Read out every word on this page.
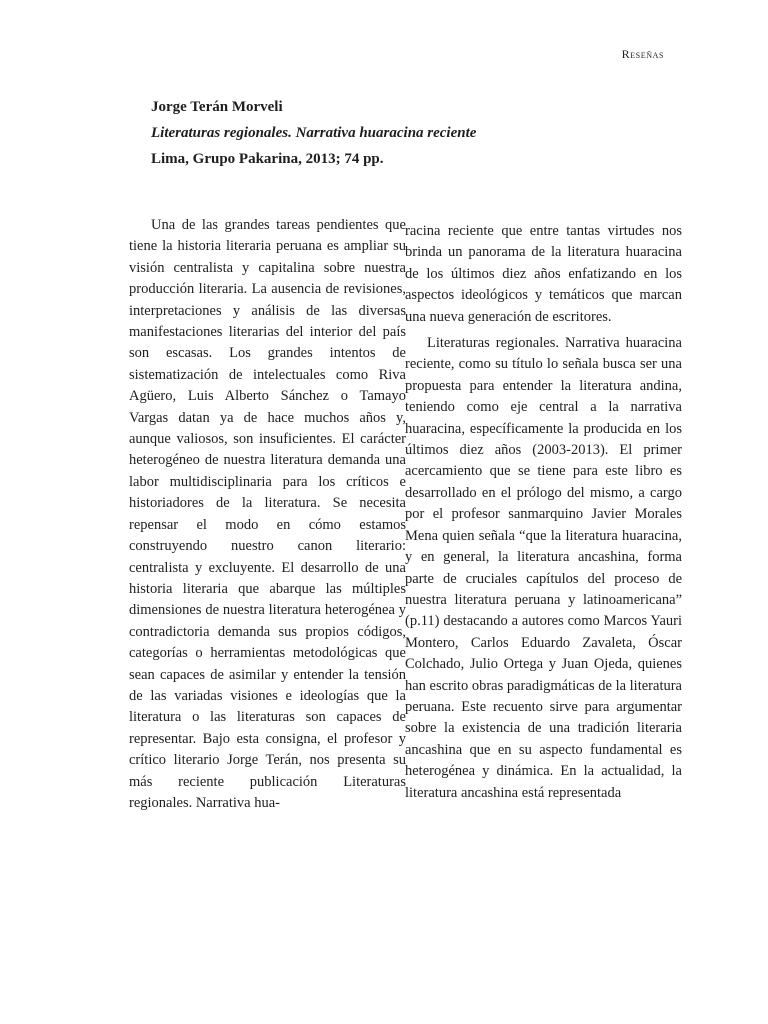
Reseñas
Jorge Terán Morveli
Literaturas regionales. Narrativa huaracina reciente
Lima, Grupo Pakarina, 2013; 74 pp.

Una de las grandes tareas pendientes que tiene la historia literaria peruana es ampliar su visión centralista y capitalina sobre nuestra producción literaria. La ausencia de revisiones, interpretaciones y análisis de las diversas manifestaciones literarias del interior del país son escasas. Los grandes intentos de sistematización de intelectuales como Riva Agüero, Luis Alberto Sánchez o Tamayo Vargas datan ya de hace muchos años y, aunque valiosos, son insuficientes. El carácter heterogéneo de nuestra literatura demanda una labor multidisciplinaria para los críticos e historiadores de la literatura. Se necesita repensar el modo en cómo estamos construyendo nuestro canon literario: centralista y excluyente. El desarrollo de una historia literaria que abarque las múltiples dimensiones de nuestra literatura heterogénea y contradictoria demanda sus propios códigos, categorías o herramientas metodológicas que sean capaces de asimilar y entender la tensión de las variadas visiones e ideologías que la literatura o las literaturas son capaces de representar. Bajo esta consigna, el profesor y crítico literario Jorge Terán, nos presenta su más reciente publicación Literaturas regionales. Narrativa hua-

racina reciente que entre tantas virtudes nos brinda un panorama de la literatura huaracina de los últimos diez años enfatizando en los aspectos ideológicos y temáticos que marcan una nueva generación de escritores.

Literaturas regionales. Narrativa huaracina reciente, como su título lo señala busca ser una propuesta para entender la literatura andina, teniendo como eje central a la narrativa huaracina, específicamente la producida en los últimos diez años (2003-2013). El primer acercamiento que se tiene para este libro es desarrollado en el prólogo del mismo, a cargo por el profesor sanmarquino Javier Morales Mena quien señala “que la literatura huaracina, y en general, la literatura ancashina, forma parte de cruciales capítulos del proceso de nuestra literatura peruana y latinoamericana” (p.11) destacando a autores como Marcos Yauri Montero, Carlos Eduardo Zavaleta, Óscar Colchado, Julio Ortega y Juan Ojeda, quienes han escrito obras paradigmáticas de la literatura peruana. Este recuento sirve para argumentar sobre la existencia de una tradición literaria ancashina que en su aspecto fundamental es heterogénea y dinámica. En la actualidad, la literatura ancashina está representada
